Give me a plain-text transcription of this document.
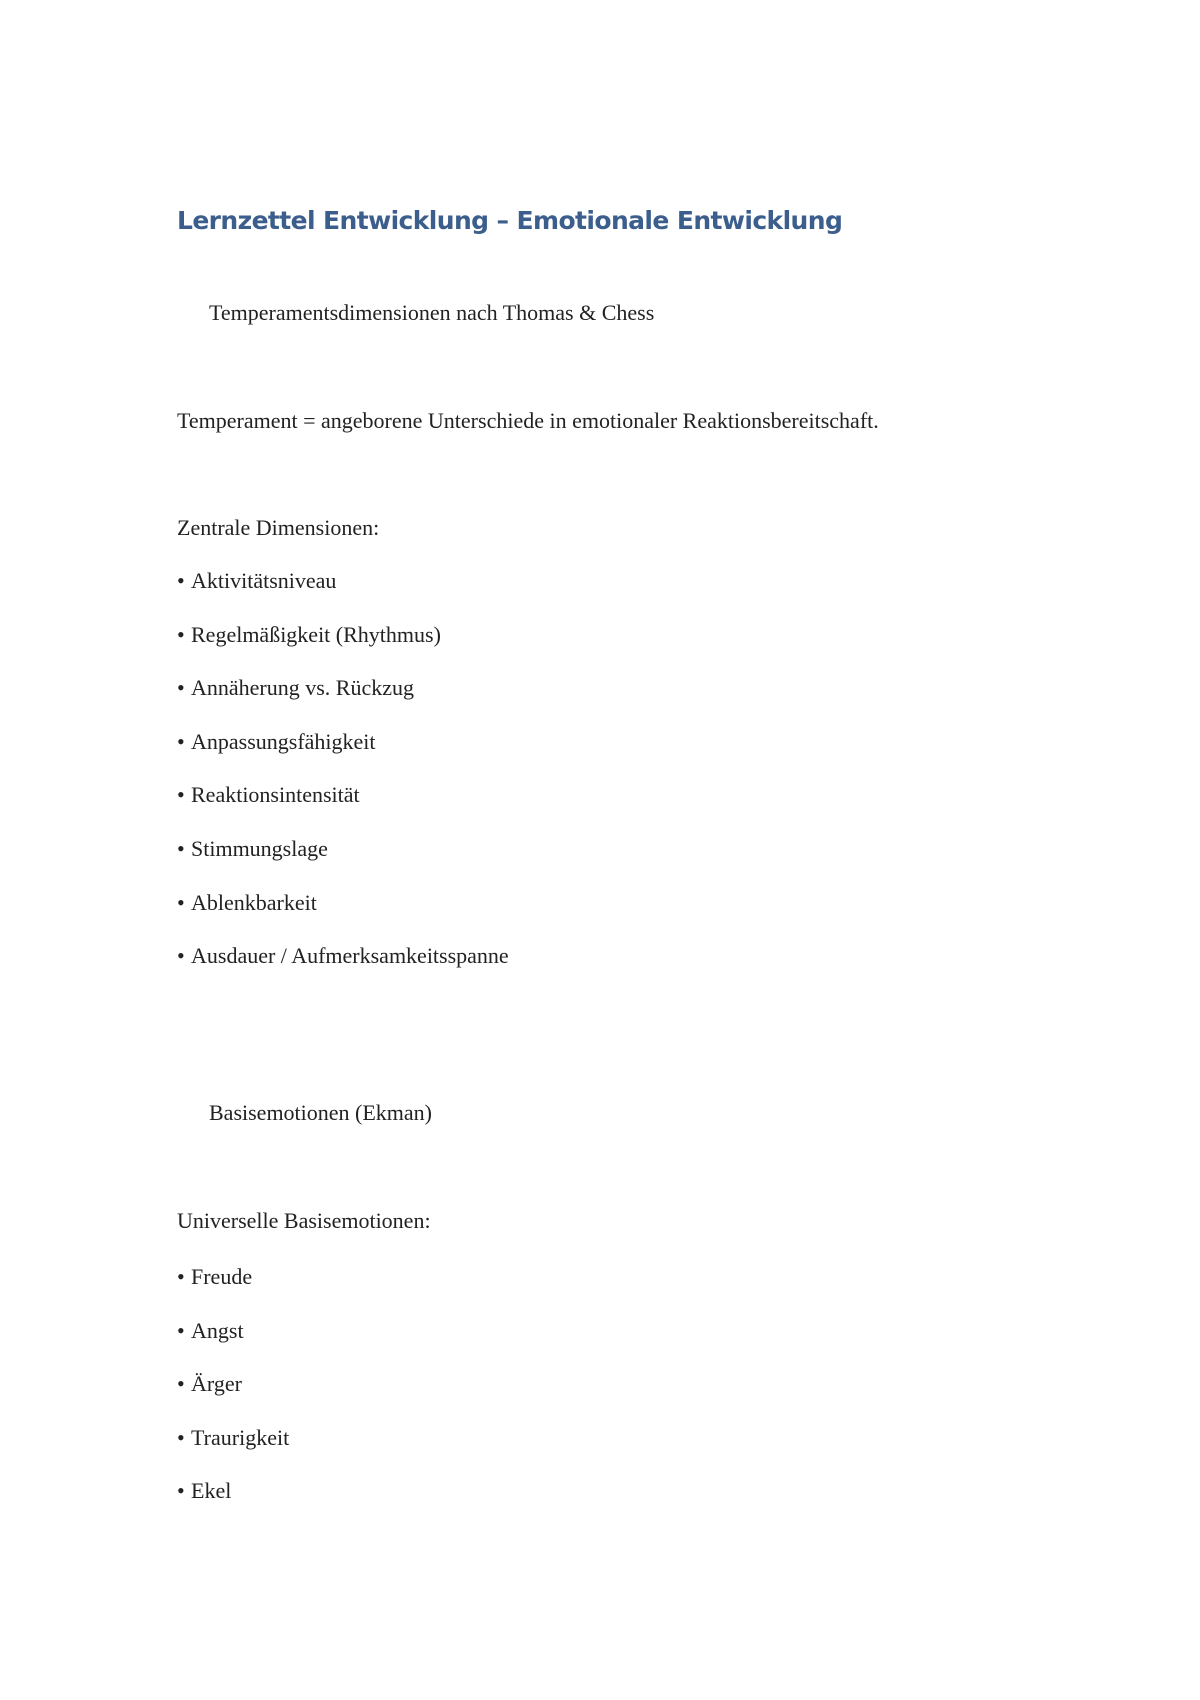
Lernzettel Entwicklung – Emotionale Entwicklung

Temperamentsdimensionen nach Thomas & Chess

Temperament = angeborene Unterschiede in emotionaler Reaktionsbereitschaft.

Zentrale Dimensionen:

• Aktivitätsniveau
• Regelmäßigkeit (Rhythmus)
• Annäherung vs. Rückzug
• Anpassungsfähigkeit
• Reaktionsintensität
• Stimmungslage
• Ablenkbarkeit
• Ausdauer / Aufmerksamkeitsspanne

Basisemotionen (Ekman)

Universelle Basisemotionen:

• Freude
• Angst
• Ärger
• Traurigkeit
• Ekel
